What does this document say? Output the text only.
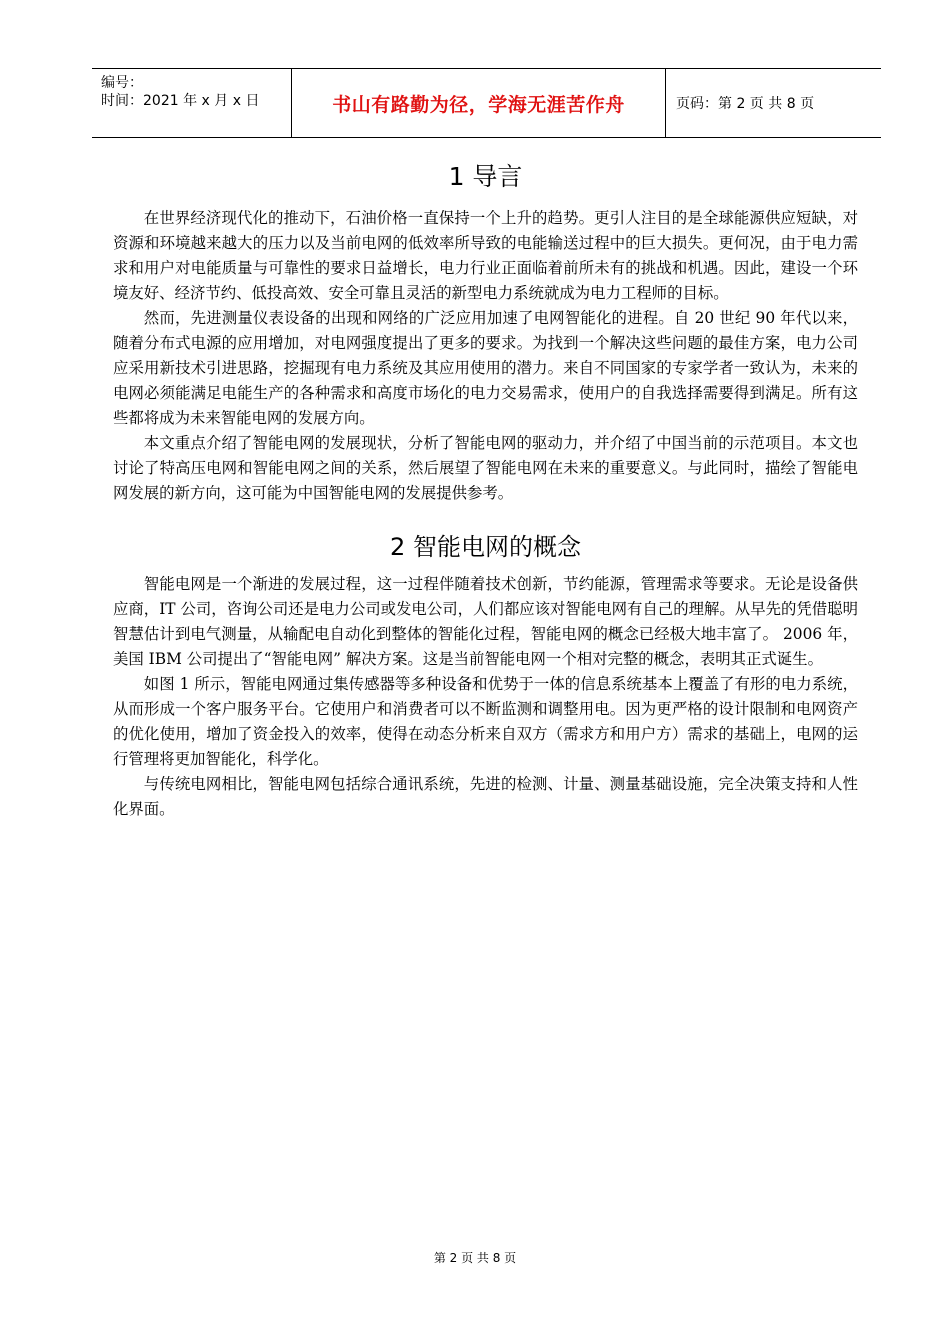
编号：
时间：2021 年 x 月 x 日	书山有路勤为径，学海无涯苦作舟	页码：第 2 页 共 8 页
1 导言

在世界经济现代化的推动下，石油价格一直保持一个上升的趋势。更引人注目的是全球能源供应短缺，对资源和环境越来越大的压力以及当前电网的低效率所导致的电能输送过程中的巨大损失。更何况，由于电力需求和用户对电能质量与可靠性的要求日益增长，电力行业正面临着前所未有的挑战和机遇。因此，建设一个环境友好、经济节约、低投高效、安全可靠且灵活的新型电力系统就成为电力工程师的目标。

然而，先进测量仪表设备的出现和网络的广泛应用加速了电网智能化的进程。自 20 世纪 90 年代以来，随着分布式电源的应用增加，对电网强度提出了更多的要求。为找到一个解决这些问题的最佳方案，电力公司应采用新技术引进思路，挖掘现有电力系统及其应用使用的潜力。来自不同国家的专家学者一致认为，未来的电网必须能满足电能生产的各种需求和高度市场化的电力交易需求，使用户的自我选择需要得到满足。所有这些都将成为未来智能电网的发展方向。

本文重点介绍了智能电网的发展现状，分析了智能电网的驱动力，并介绍了中国当前的示范项目。本文也讨论了特高压电网和智能电网之间的关系，然后展望了智能电网在未来的重要意义。与此同时，描绘了智能电网发展的新方向，这可能为中国智能电网的发展提供参考。

2 智能电网的概念

智能电网是一个渐进的发展过程，这一过程伴随着技术创新，节约能源，管理需求等要求。无论是设备供应商，IT 公司，咨询公司还是电力公司或发电公司，人们都应该对智能电网有自己的理解。从早先的凭借聪明智慧估计到电气测量，从输配电自动化到整体的智能化过程，智能电网的概念已经极大地丰富了。 2006 年，美国 IBM 公司提出了“智能电网” 解决方案。这是当前智能电网一个相对完整的概念，表明其正式诞生。

如图 1 所示，智能电网通过集传感器等多种设备和优势于一体的信息系统基本上覆盖了有形的电力系统，从而形成一个客户服务平台。它使用户和消费者可以不断监测和调整用电。因为更严格的设计限制和电网资产的优化使用，增加了资金投入的效率，使得在动态分析来自双方（需求方和用户方）需求的基础上，电网的运行管理将更加智能化，科学化。

与传统电网相比，智能电网包括综合通讯系统，先进的检测、计量、测量基础设施，完全决策支持和人性化界面。

第 2 页 共 8 页
